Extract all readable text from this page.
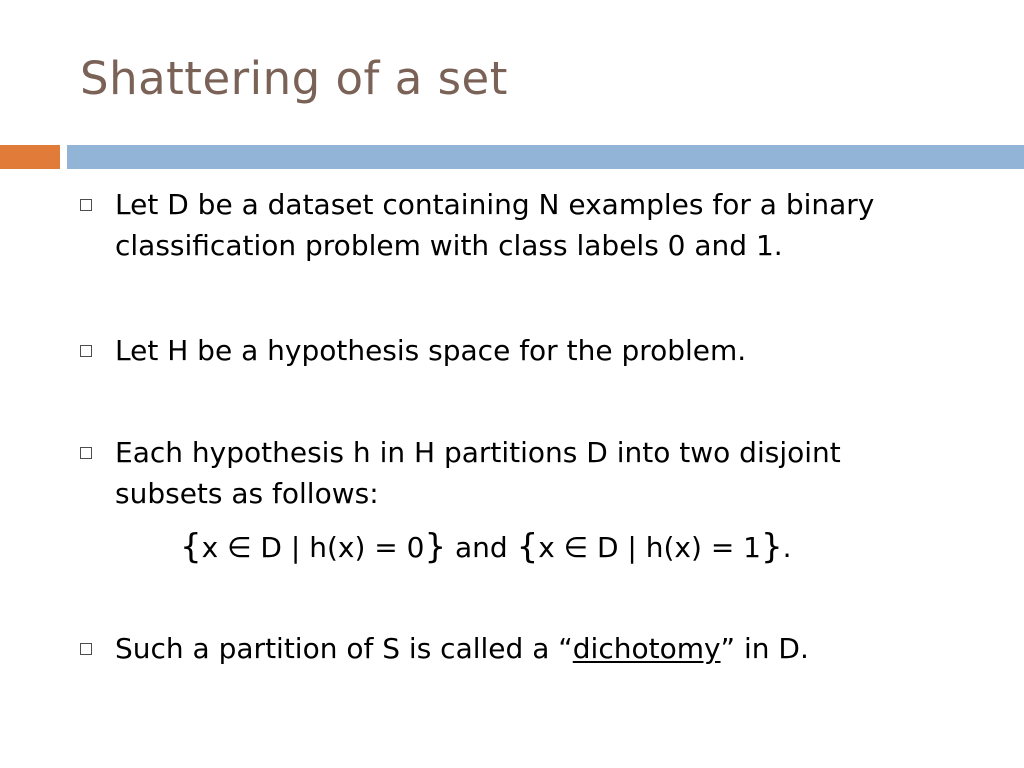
Shattering of a set
Let D be a dataset containing N examples for a binary classification problem with class labels 0 and 1.
Let H be a hypothesis space for the problem.
Each hypothesis h in H partitions D into two disjoint subsets as follows:
{x ∈ D | h(x) = 0} and {x ∈ D | h(x) = 1}.
Such a partition of S is called a “dichotomy” in D.
